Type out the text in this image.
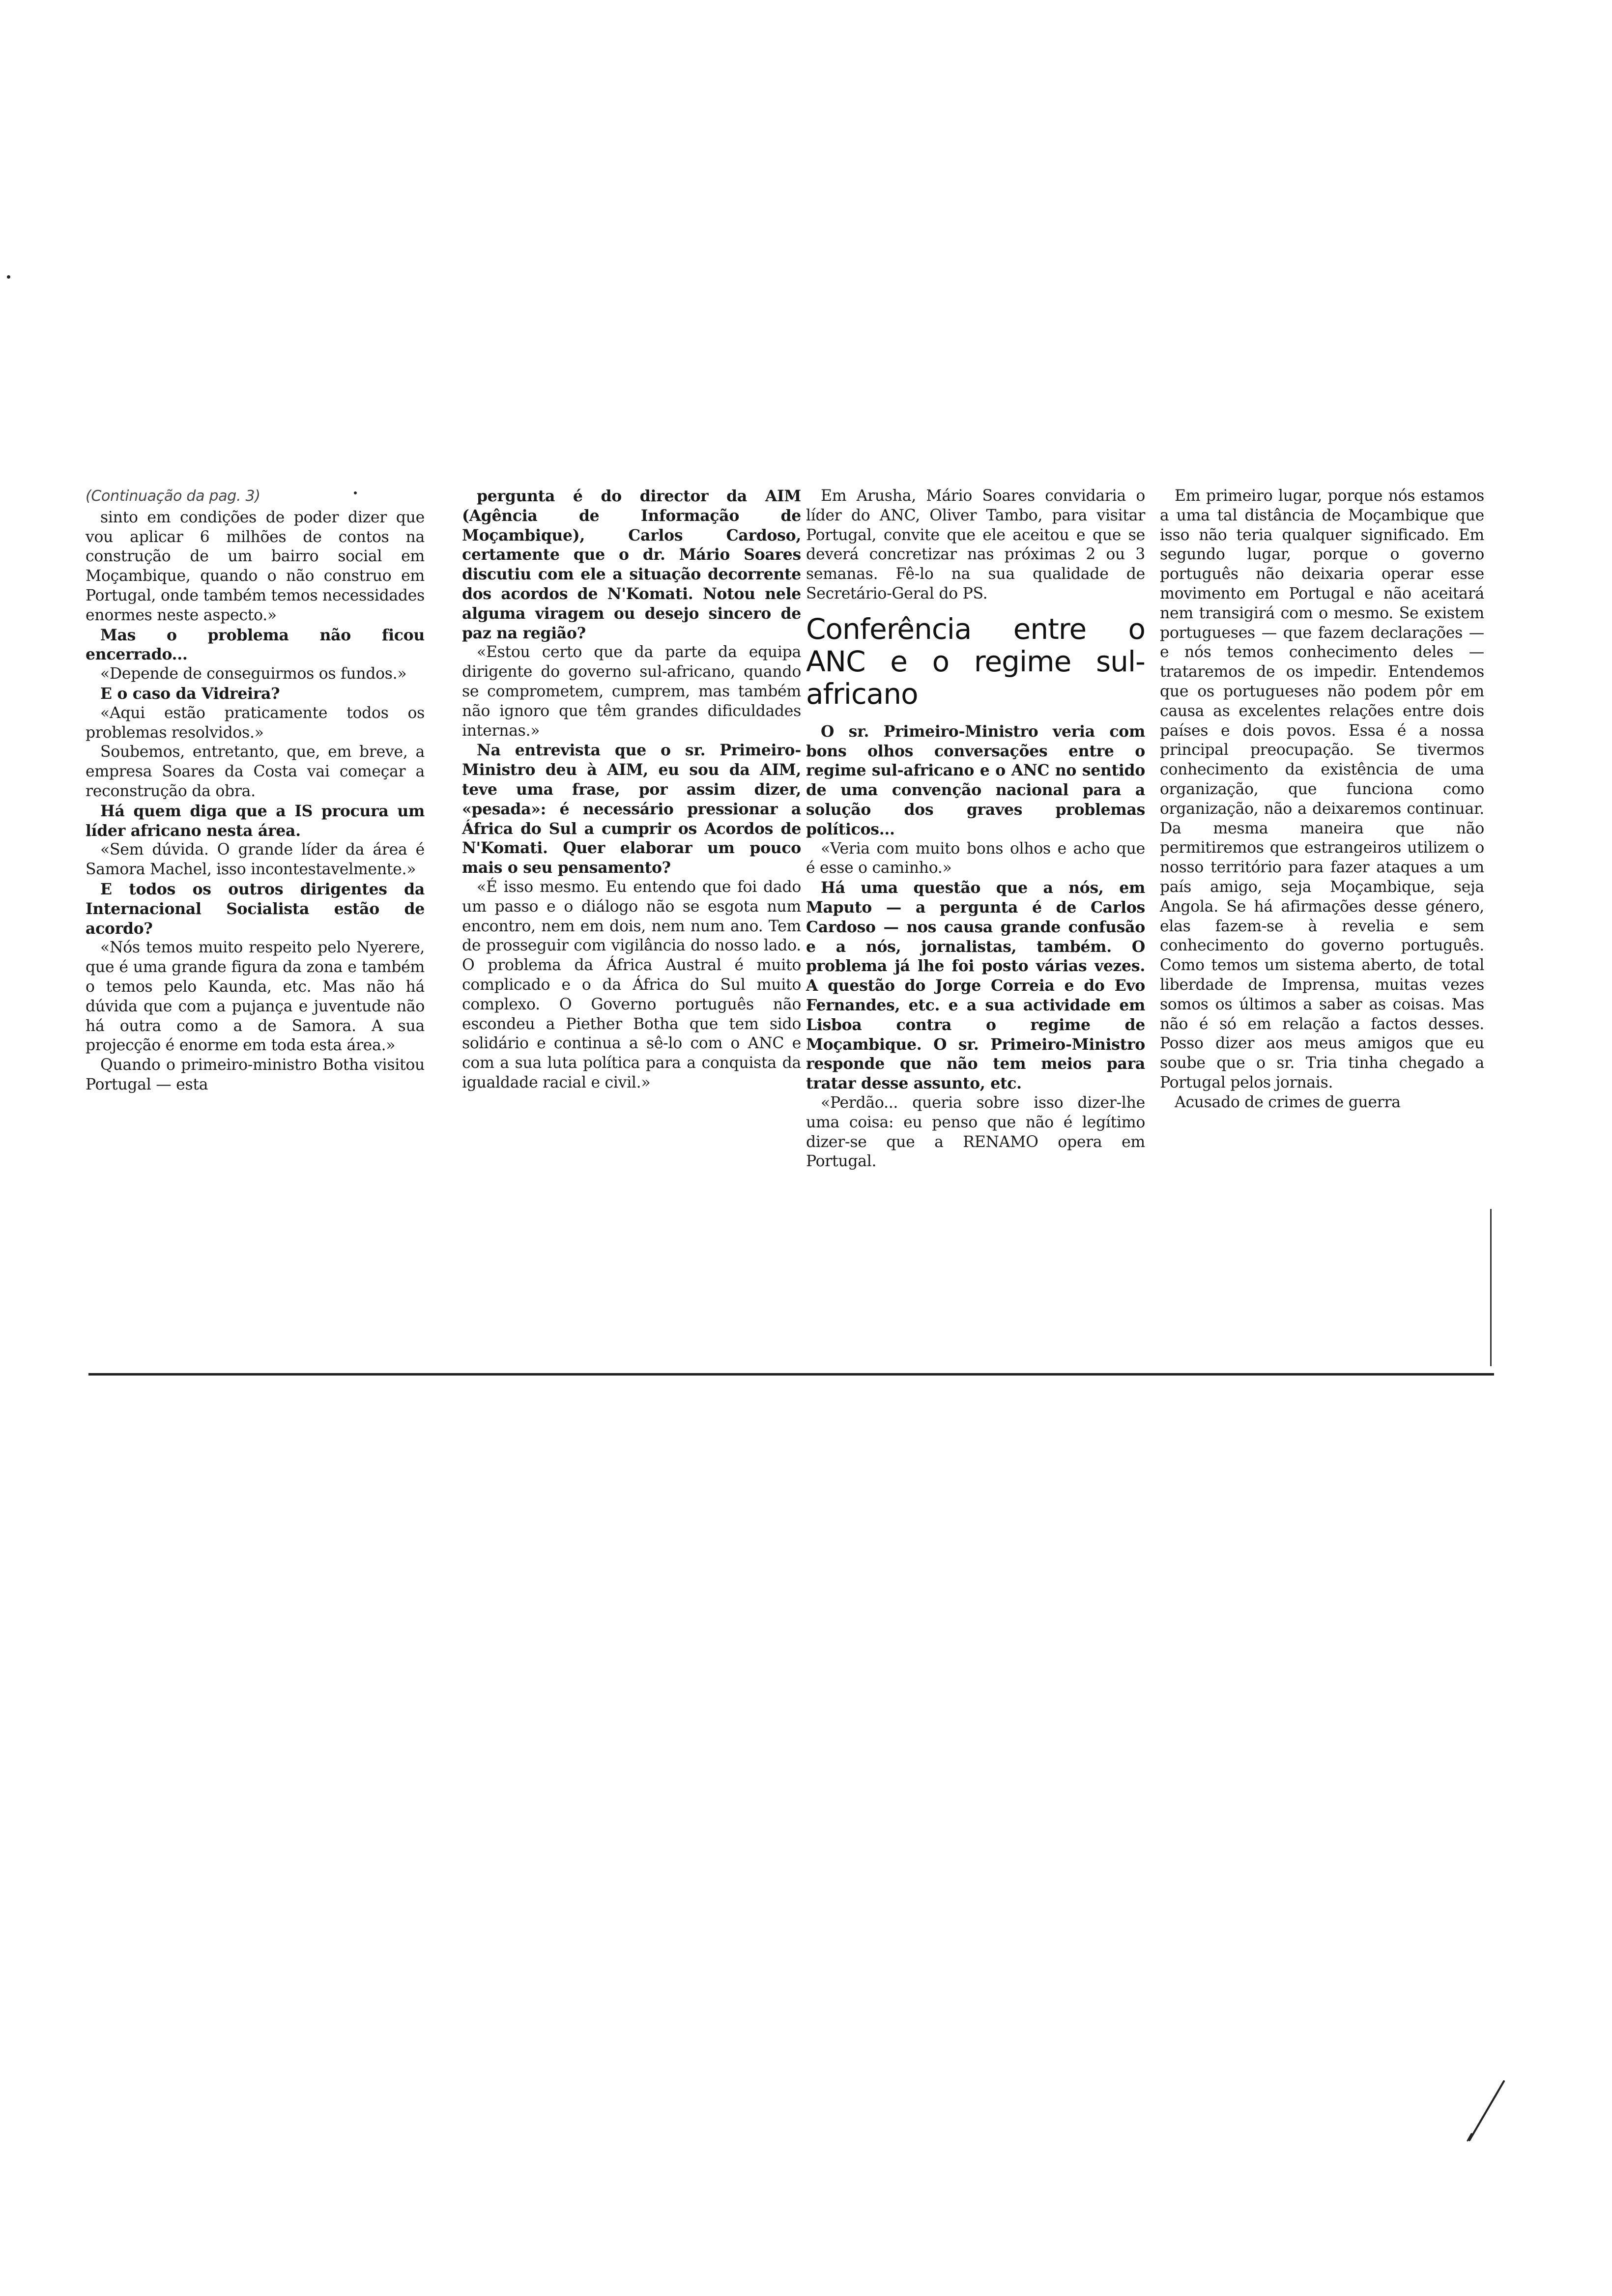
(Continuação da pag. 3)

sinto em condições de poder dizer que vou aplicar 6 milhões de contos na construção de um bairro social em Moçambique, quando o não construo em Portugal, onde também temos necessidades enormes neste aspecto.»

Mas o problema não ficou encerrado...

«Depende de conseguirmos os fundos.»

E o caso da Vidreira?

«Aqui estão praticamente todos os problemas resolvidos.»

Soubemos, entretanto, que, em breve, a empresa Soares da Costa vai começar a reconstrução da obra.

Há quem diga que a IS procura um líder africano nesta área.

«Sem dúvida. O grande líder da área é Samora Machel, isso incontestavelmente.»

E todos os outros dirigentes da Internacional Socialista estão de acordo?

«Nós temos muito respeito pelo Nyerere, que é uma grande figura da zona e também o temos pelo Kaunda, etc. Mas não há dúvida que com a pujança e juventude não há outra como a de Samora. A sua projecção é enorme em toda esta área.»

Quando o primeiro-ministro Botha visitou Portugal — esta

pergunta é do director da AIM (Agência de Informação de Moçambique), Carlos Cardoso, certamente que o dr. Mário Soares discutiu com ele a situação decorrente dos acordos de N'Komati. Notou nele alguma viragem ou desejo sincero de paz na região?

«Estou certo que da parte da equipa dirigente do governo sul-africano, quando se comprometem, cumprem, mas também não ignoro que têm grandes dificuldades internas.»

Na entrevista que o sr. Primeiro-Ministro deu à AIM, eu sou da AIM, teve uma frase, por assim dizer, «pesada»: é necessário pressionar a África do Sul a cumprir os Acordos de N'Komati. Quer elaborar um pouco mais o seu pensamento?

«É isso mesmo. Eu entendo que foi dado um passo e o diálogo não se esgota num encontro, nem em dois, nem num ano. Tem de prosseguir com vigilância do nosso lado. O problema da África Austral é muito complicado e o da África do Sul muito complexo. O Governo português não escondeu a Piether Botha que tem sido solidário e continua a sê-lo com o ANC e com a sua luta política para a conquista da igualdade racial e civil.»

Em Arusha, Mário Soares convidaria o líder do ANC, Oliver Tambo, para visitar Portugal, convite que ele aceitou e que se deverá concretizar nas próximas 2 ou 3 semanas. Fê-lo na sua qualidade de Secretário-Geral do PS.

Conferência entre o ANC e o regime sul-africano

O sr. Primeiro-Ministro veria com bons olhos conversações entre o regime sul-africano e o ANC no sentido de uma convenção nacional para a solução dos graves problemas políticos...

«Veria com muito bons olhos e acho que é esse o caminho.»

Há uma questão que a nós, em Maputo — a pergunta é de Carlos Cardoso — nos causa grande confusão e a nós, jornalistas, também. O problema já lhe foi posto várias vezes. A questão do Jorge Correia e do Evo Fernandes, etc. e a sua actividade em Lisboa contra o regime de Moçambique. O sr. Primeiro-Ministro responde que não tem meios para tratar desse assunto, etc.

«Perdão... queria sobre isso dizer-lhe uma coisa: eu penso que não é legítimo dizer-se que a RENAMO opera em Portugal.

Em primeiro lugar, porque nós estamos a uma tal distância de Moçambique que isso não teria qualquer significado. Em segundo lugar, porque o governo português não deixaria operar esse movimento em Portugal e não aceitará nem transigirá com o mesmo. Se existem portugueses — que fazem declarações — e nós temos conhecimento deles — trataremos de os impedir. Entendemos que os portugueses não podem pôr em causa as excelentes relações entre dois países e dois povos. Essa é a nossa principal preocupação. Se tivermos conhecimento da existência de uma organização, que funciona como organização, não a deixaremos continuar. Da mesma maneira que não permitiremos que estrangeiros utilizem o nosso território para fazer ataques a um país amigo, seja Moçambique, seja Angola. Se há afirmações desse género, elas fazem-se à revelia e sem conhecimento do governo português. Como temos um sistema aberto, de total liberdade de Imprensa, muitas vezes somos os últimos a saber as coisas. Mas não é só em relação a factos desses. Posso dizer aos meus amigos que eu soube que o sr. Tria tinha chegado a Portugal pelos jornais.

Acusado de crimes de guerra
